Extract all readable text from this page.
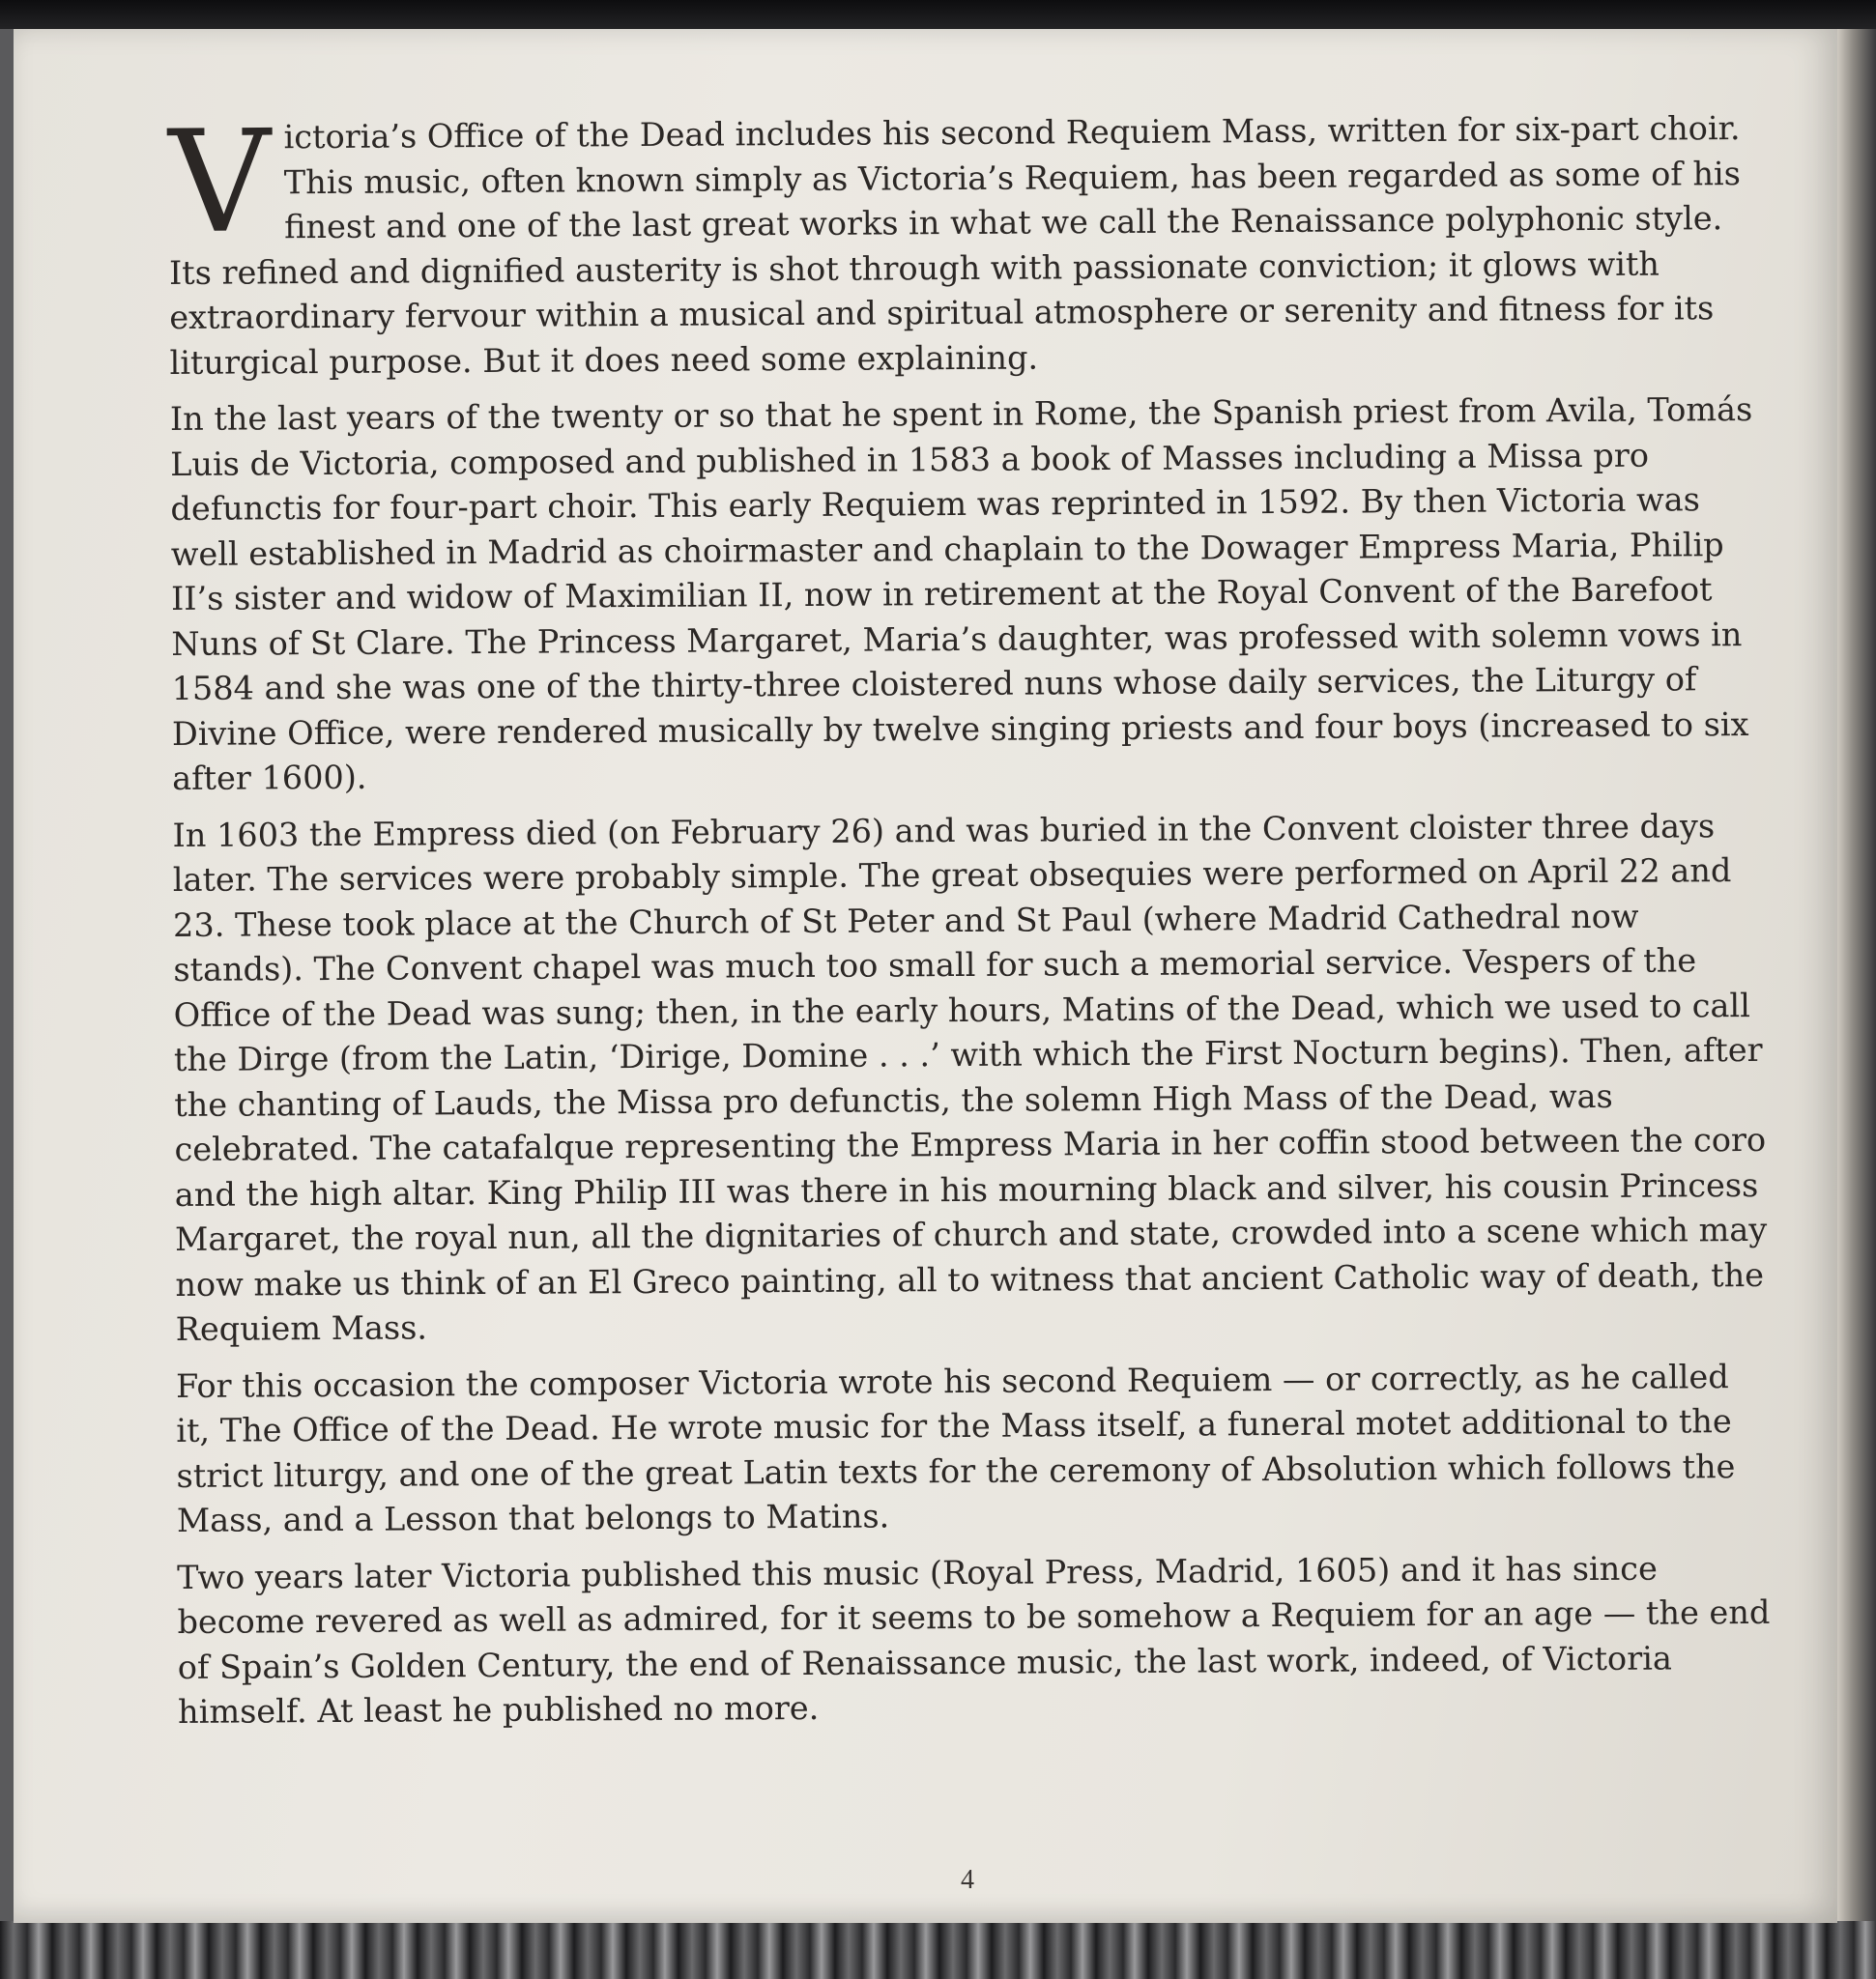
Victoria’s Office of the Dead includes his second Requiem Mass, written for six-part choir. This music, often known simply as Victoria’s Requiem, has been regarded as some of his finest and one of the last great works in what we call the Renaissance polyphonic style. Its refined and dignified austerity is shot through with passionate conviction; it glows with extraordinary fervour within a musical and spiritual atmosphere or serenity and fitness for its liturgical purpose. But it does need some explaining.

In the last years of the twenty or so that he spent in Rome, the Spanish priest from Avila, Tomás Luis de Victoria, composed and published in 1583 a book of Masses including a Missa pro defunctis for four-part choir. This early Requiem was reprinted in 1592. By then Victoria was well established in Madrid as choirmaster and chaplain to the Dowager Empress Maria, Philip II’s sister and widow of Maximilian II, now in retirement at the Royal Convent of the Barefoot Nuns of St Clare. The Princess Margaret, Maria’s daughter, was professed with solemn vows in 1584 and she was one of the thirty-three cloistered nuns whose daily services, the Liturgy of Divine Office, were rendered musically by twelve singing priests and four boys (increased to six after 1600).

In 1603 the Empress died (on February 26) and was buried in the Convent cloister three days later. The services were probably simple. The great obsequies were performed on April 22 and 23. These took place at the Church of St Peter and St Paul (where Madrid Cathedral now stands). The Convent chapel was much too small for such a memorial service. Vespers of the Office of the Dead was sung; then, in the early hours, Matins of the Dead, which we used to call the Dirge (from the Latin, ‘Dirige, Domine . . .’ with which the First Nocturn begins). Then, after the chanting of Lauds, the Missa pro defunctis, the solemn High Mass of the Dead, was celebrated. The catafalque representing the Empress Maria in her coffin stood between the coro and the high altar. King Philip III was there in his mourning black and silver, his cousin Princess Margaret, the royal nun, all the dignitaries of church and state, crowded into a scene which may now make us think of an El Greco painting, all to witness that ancient Catholic way of death, the Requiem Mass.

For this occasion the composer Victoria wrote his second Requiem — or correctly, as he called it, The Office of the Dead. He wrote music for the Mass itself, a funeral motet additional to the strict liturgy, and one of the great Latin texts for the ceremony of Absolution which follows the Mass, and a Lesson that belongs to Matins.

Two years later Victoria published this music (Royal Press, Madrid, 1605) and it has since become revered as well as admired, for it seems to be somehow a Requiem for an age — the end of Spain’s Golden Century, the end of Renaissance music, the last work, indeed, of Victoria himself. At least he published no more.

4
